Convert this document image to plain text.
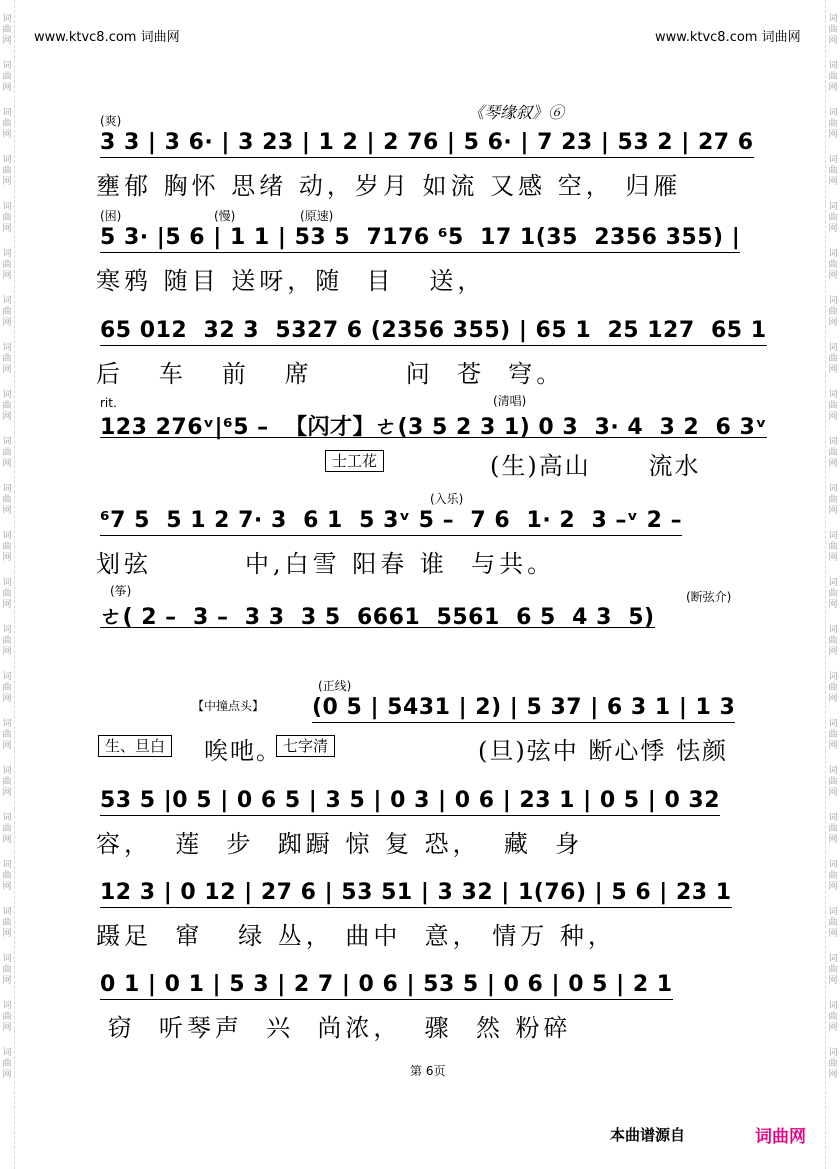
词
曲
网
词
曲
网
词
曲
网
词
曲
网
词
曲
网
词
曲
网
词
曲
网
词
曲
网
词
曲
网
词
曲
网
词
曲
网
词
曲
网
词
曲
网
词
曲
网
词
曲
网
词
曲
网
词
曲
网
词
曲
网
词
曲
网
词
曲
网
词
曲
网
词
曲
网
词
曲
网
词
曲
网
词
曲
网
词
曲
网
词
曲
网
词
曲
网
词
曲
网
词
曲
网
词
曲
网
词
曲
网
词
曲
网
词
曲
网
词
曲
网
词
曲
网
词
曲
网
词
曲
网
词
曲
网
词
曲
网
词
曲
网
词
曲
网
词
曲
网
词
曲
网
词
曲
网
词
曲
网
www.ktvc8.com 词曲网	www.ktvc8.com 词曲网
《琴缘叙》⑥
(爽)
3 3 | 3 6· | 3 23 | 1 2 | 2 76 | 5 6· | 7 23 | 53 2 | 27 6
壅郁 胸怀 思绪 动，岁月 如流 又感 空， 归雁
(困)	(慢)	(原速)
5 3· |5 6 | 1 1 | 53 5  7176 ⁶5  17 1(35  2356 355) |
寒鸦 随目 送呀，随  目   送，
65 012  32 3  5327 6 (2356 355) | 65 1  25 127  65 1
后   车   前   席        问  苍  穹。
rit.	(清唱)
123 276ᵛ|⁶5 –  【闪才】ㄜ(3 5 2 3 1) 0 3  3· 4  3 2  6 3ᵛ
士工花	(生)高山      流水
(入乐)
⁶7 5  5 1 2 7· 3  6 1  5 3ᵛ 5 –  7 6  1· 2  3 –ᵛ 2 –
划弦        中,白雪 阳春 谁  与共。
(筝)	(断弦介)
ㄜ( 2 –  3 –  3 3  3 5  6661  5561  6 5  4 3  5)
(正线)
【中撞点头】 (0 5 | 5431 | 2) | 5 37 | 6 3 1 | 1 3
生、旦白	七字清
唉吔。	(旦)弦中 断心悸 怯颜
53 5 |0 5 | 0 6 5 | 3 5 | 0 3 | 0 6 | 23 1 | 0 5 | 0 32
容，  莲  步  踟蹰 惊 复 恐，  藏  身
12 3 | 0 12 | 27 6 | 53 51 | 3 32 | 1(76) | 5 6 | 23 1
蹑足  窜   绿 丛， 曲中  意， 情万 种，
0 1 | 0 1 | 5 3 | 2 7 | 0 6 | 53 5 | 0 6 | 0 5 | 2 1
窃  听琴声  兴  尚浓，  骤  然 粉碎
第 6页
本曲谱源自	词曲网
